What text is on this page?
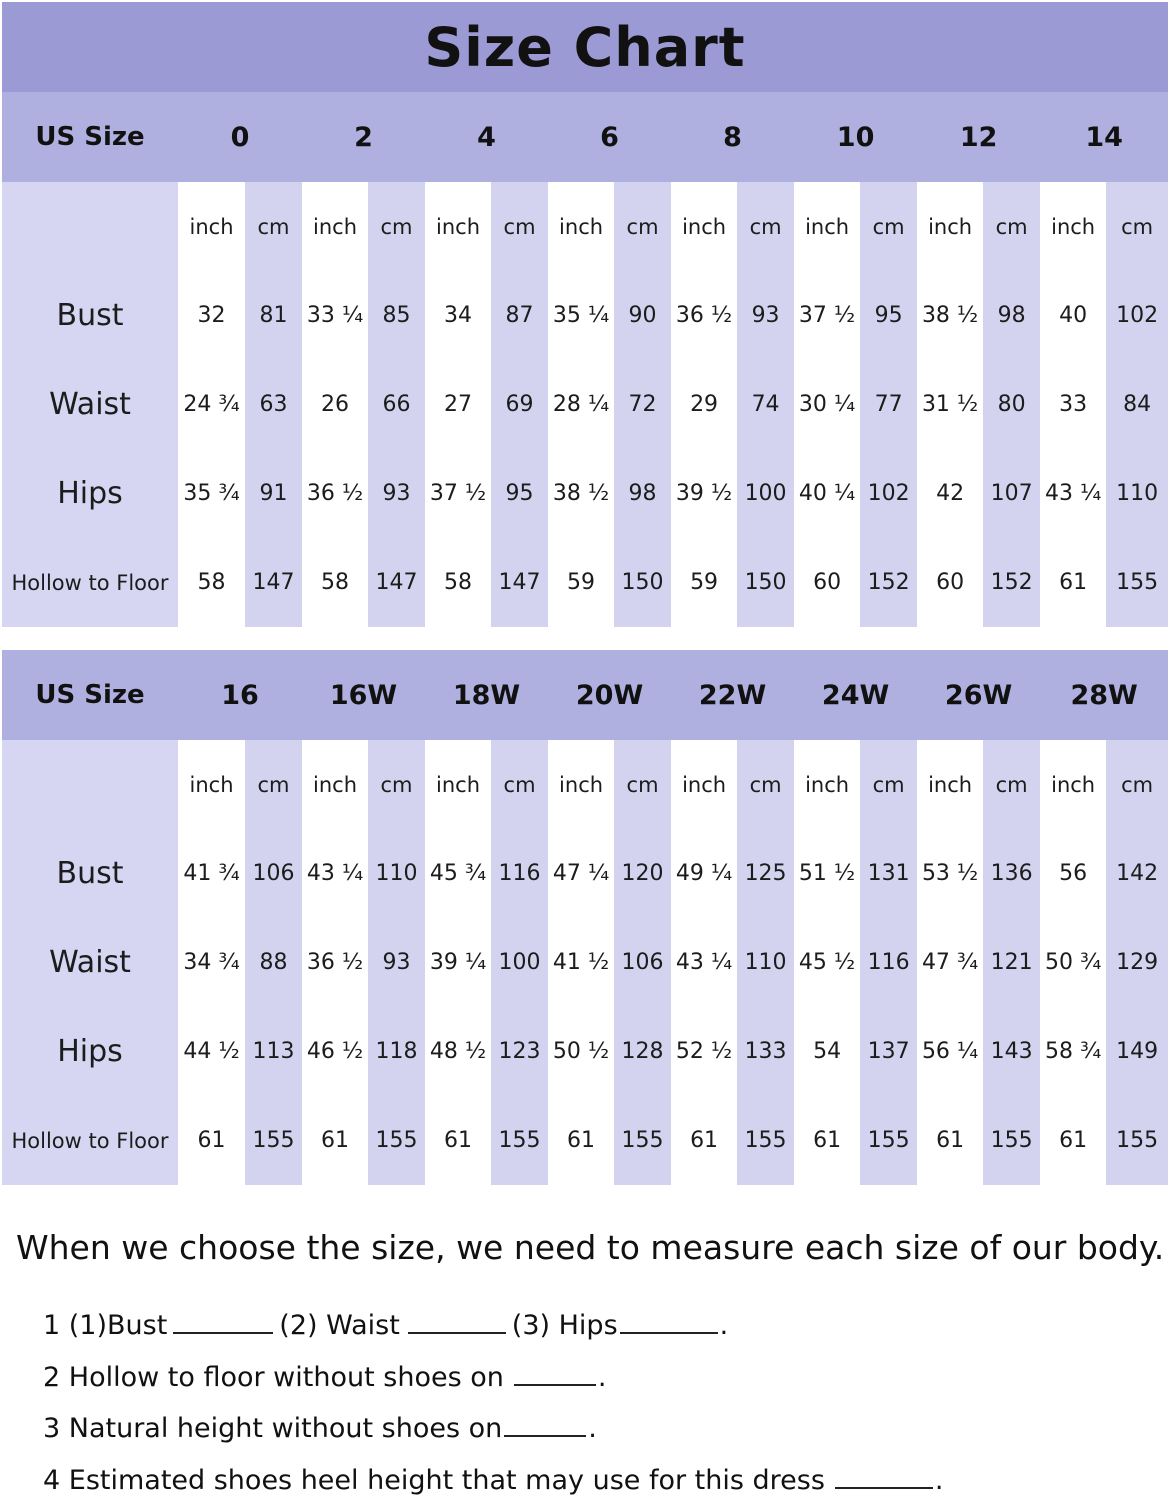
Size Chart
US Size	0		2		4		6		8		10		12		14	
	inch	cm	inch	cm	inch	cm	inch	cm	inch	cm	inch	cm	inch	cm	inch	cm
Bust	32	81	33 ¼	85	34	87	35 ¼	90	36 ½	93	37 ½	95	38 ½	98	40	102
Waist	24 ¾	63	26	66	27	69	28 ¼	72	29	74	30 ¼	77	31 ½	80	33	84
Hips	35 ¾	91	36 ½	93	37 ½	95	38 ½	98	39 ½	100	40 ¼	102	42	107	43 ¼	110
Hollow to Floor	58	147	58	147	58	147	59	150	59	150	60	152	60	152	61	155
US Size	16		16W		18W		20W		22W		24W		26W		28W	
	inch	cm	inch	cm	inch	cm	inch	cm	inch	cm	inch	cm	inch	cm	inch	cm
Bust	41 ¾	106	43 ¼	110	45 ¾	116	47 ¼	120	49 ¼	125	51 ½	131	53 ½	136	56	142
Waist	34 ¾	88	36 ½	93	39 ¼	100	41 ½	106	43 ¼	110	45 ½	116	47 ¾	121	50 ¾	129
Hips	44 ½	113	46 ½	118	48 ½	123	50 ½	128	52 ½	133	54	137	56 ¼	143	58 ¾	149
Hollow to Floor	61	155	61	155	61	155	61	155	61	155	61	155	61	155	61	155
When we choose the size, we need to measure each size of our body.
1 (1)Bust	(2) Waist	(3) Hips	.
2 Hollow to floor without shoes on	.
3 Natural height without shoes on	.
4 Estimated shoes heel height that may use for this dress	.
